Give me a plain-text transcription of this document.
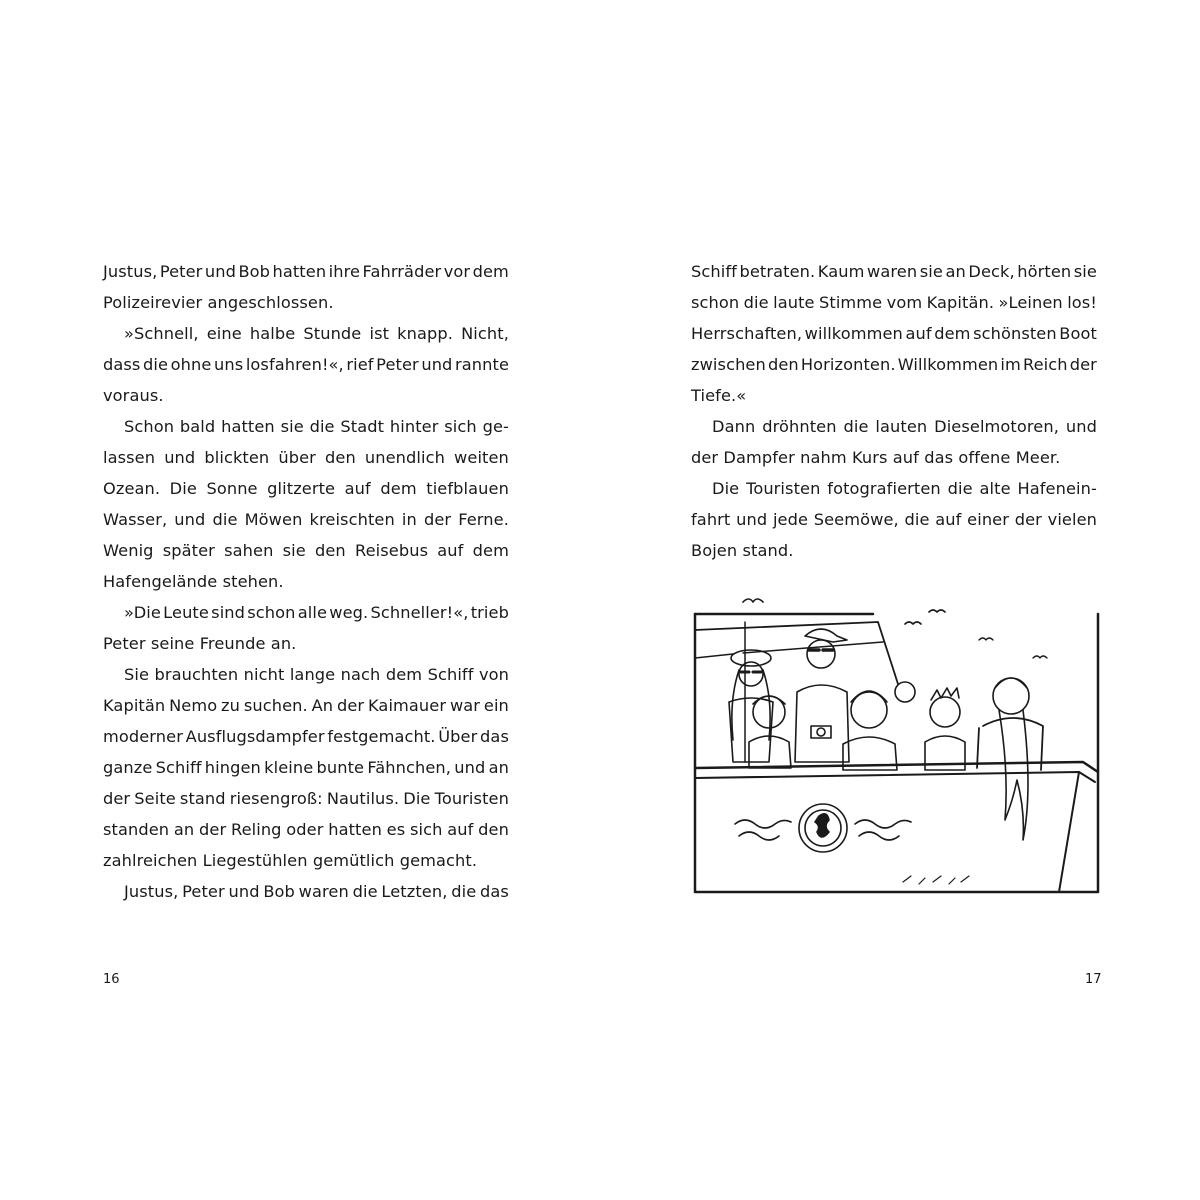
Justus, Peter und Bob hatten ihre Fahrräder vor dem
Polizeirevier angeschlossen.
»Schnell, eine halbe Stunde ist knapp. Nicht,
dass die ohne uns losfahren!«, rief Peter und rannte
voraus.
Schon bald hatten sie die Stadt hinter sich ge-
lassen und blickten über den unendlich weiten
Ozean. Die Sonne glitzerte auf dem tiefblauen
Wasser, und die Möwen kreischten in der Ferne.
Wenig später sahen sie den Reisebus auf dem
Hafengelände stehen.
»Die Leute sind schon alle weg. Schneller!«, trieb
Peter seine Freunde an.
Sie brauchten nicht lange nach dem Schiff von
Kapitän Nemo zu suchen. An der Kaimauer war ein
moderner Ausflugsdampfer festgemacht. Über das
ganze Schiff hingen kleine bunte Fähnchen, und an
der Seite stand riesengroß: Nautilus. Die Touristen
standen an der Reling oder hatten es sich auf den
zahlreichen Liegestühlen gemütlich gemacht.
Justus, Peter und Bob waren die Letzten, die das
16
Schiff betraten. Kaum waren sie an Deck, hörten sie
schon die laute Stimme vom Kapitän. »Leinen los!
Herrschaften, willkommen auf dem schönsten Boot
zwischen den Horizonten. Willkommen im Reich der
Tiefe.«
Dann dröhnten die lauten Dieselmotoren, und
der Dampfer nahm Kurs auf das offene Meer.
Die Touristen fotografierten die alte Hafenein-
fahrt und jede Seemöwe, die auf einer der vielen
Bojen stand.
17
